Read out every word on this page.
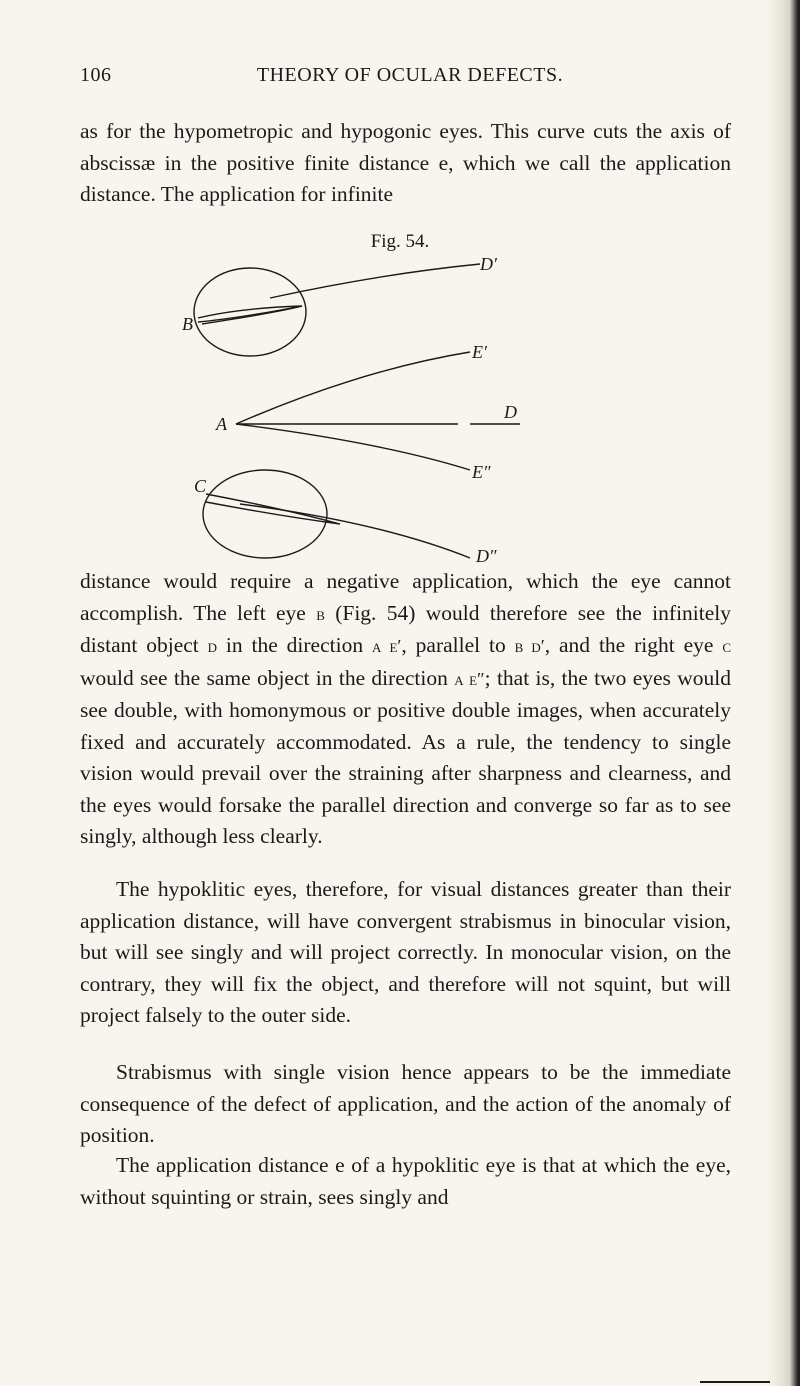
106	THEORY OF OCULAR DEFECTS.

as for the hypometropic and hypogonic eyes. This curve cuts the axis of abscissæ in the positive finite distance e, which we call the application distance. The application for infinite

Fig. 54.
D′
B
E′
A
D
E″
C
D″

distance would require a negative application, which the eye cannot accomplish. The left eye b (Fig. 54) would therefore see the infinitely distant object d in the direction a e′, parallel to b d′, and the right eye c would see the same object in the direction a e″; that is, the two eyes would see double, with homonymous or positive double images, when accurately fixed and accurately accommodated. As a rule, the tendency to single vision would prevail over the straining after sharpness and clearness, and the eyes would forsake the parallel direction and converge so far as to see singly, although less clearly.

The hypoklitic eyes, therefore, for visual distances greater than their application distance, will have convergent strabismus in binocular vision, but will see singly and will project correctly. In monocular vision, on the contrary, they will fix the object, and therefore will not squint, but will project falsely to the outer side.

Strabismus with single vision hence appears to be the immediate consequence of the defect of application, and the action of the anomaly of position.

The application distance e of a hypoklitic eye is that at which the eye, without squinting or strain, sees singly and
